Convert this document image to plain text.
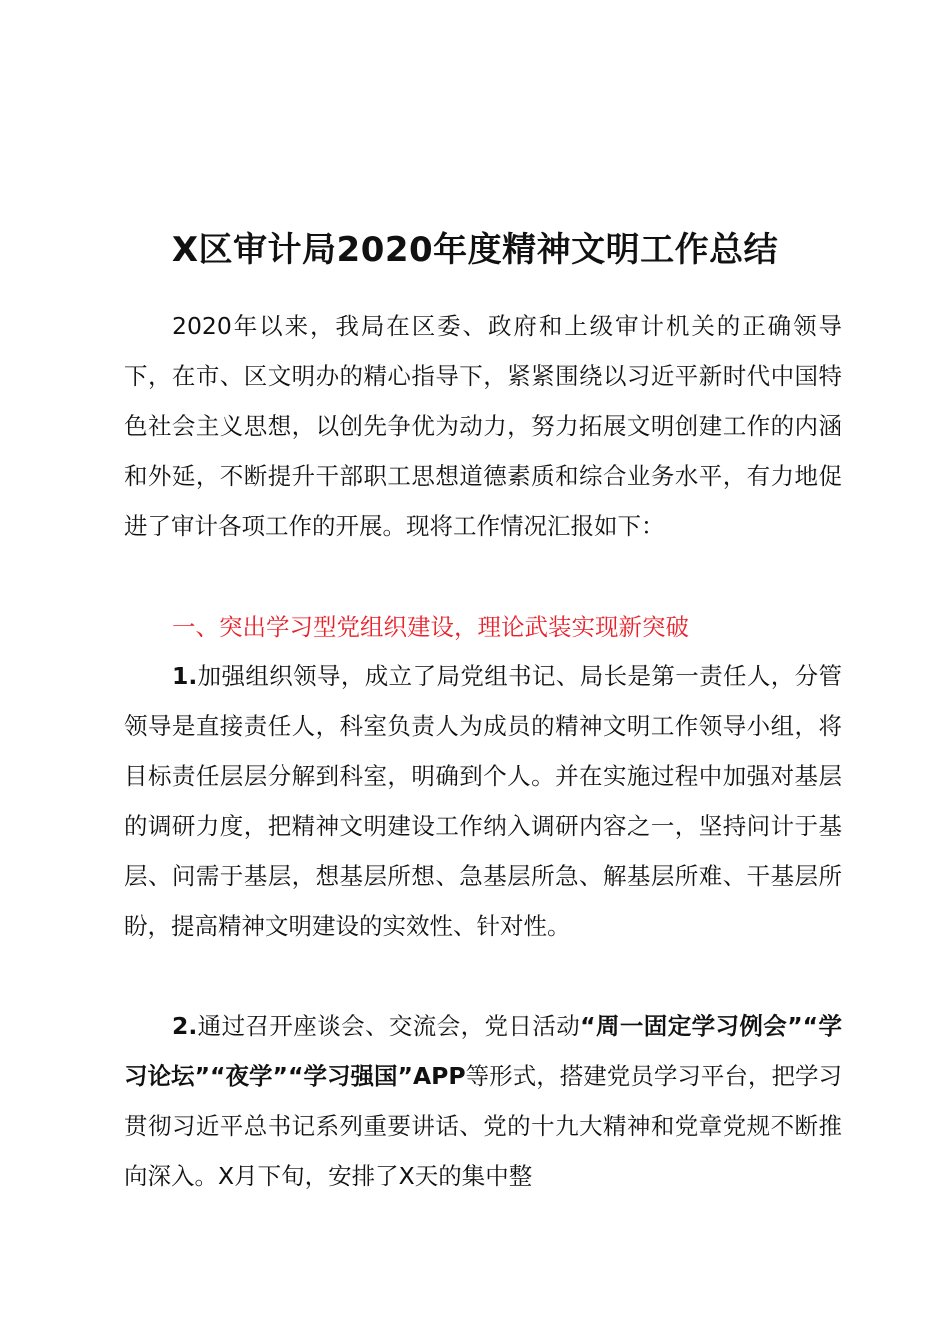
X区审计局2020年度精神文明工作总结

2020年以来，我局在区委、政府和上级审计机关的正确领导下，在市、区文明办的精心指导下，紧紧围绕以习近平新时代中国特色社会主义思想，以创先争优为动力，努力拓展文明创建工作的内涵和外延，不断提升干部职工思想道德素质和综合业务水平，有力地促进了审计各项工作的开展。现将工作情况汇报如下：

一、突出学习型党组织建设，理论武装实现新突破

1.加强组织领导，成立了局党组书记、局长是第一责任人，分管领导是直接责任人，科室负责人为成员的精神文明工作领导小组，将目标责任层层分解到科室，明确到个人。并在实施过程中加强对基层的调研力度，把精神文明建设工作纳入调研内容之一，坚持问计于基层、问需于基层，想基层所想、急基层所急、解基层所难、干基层所盼，提高精神文明建设的实效性、针对性。

2.通过召开座谈会、交流会，党日活动“周一固定学习例会”“学习论坛”“夜学”“学习强国”APP等形式，搭建党员学习平台，把学习贯彻习近平总书记系列重要讲话、党的十九大精神和党章党规不断推向深入。X月下旬，安排了X天的集中整
